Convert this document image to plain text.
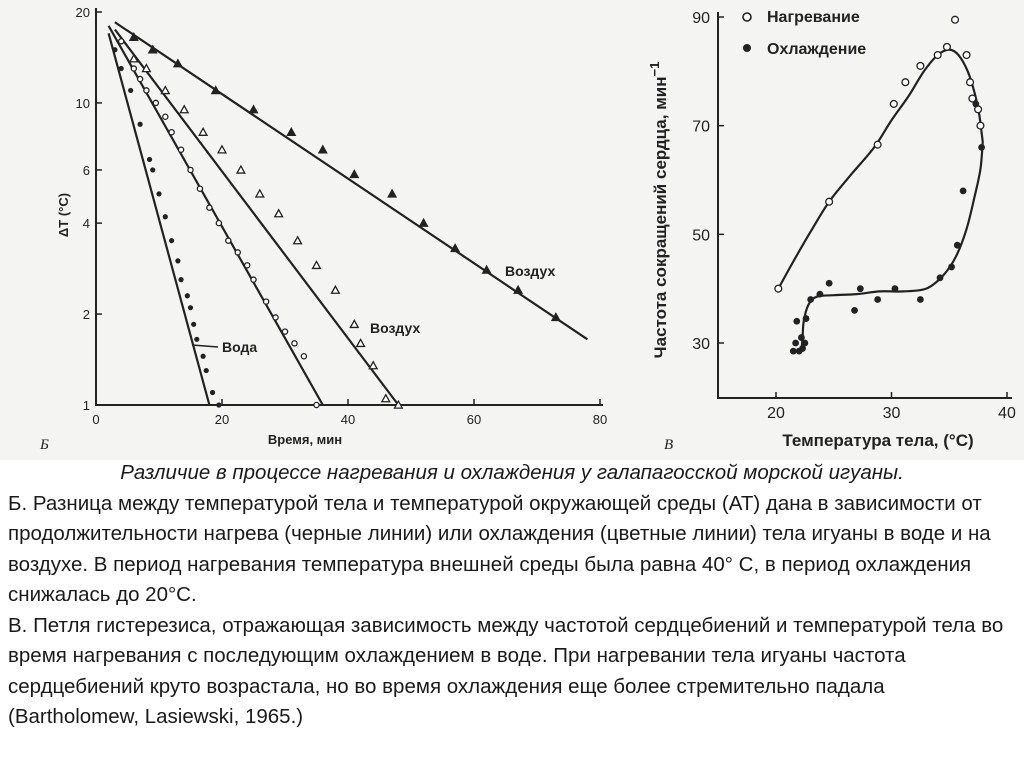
0	20	40	60	80
1
2
4
6
10
20
Время, мин
ΔT (°C)
Б
Вода
Воздух
Воздух
20	30	40
30
50
70
90	Нагревание
Охлаждение
Температура тела, (°С)
Частота сокращений сердца, мин$^{-1}$
В

Различие в процессе нагревания и охлаждения у галапагосской морской игуаны.

Б. Разница между температурой тела и температурой окружающей среды (AT) дана в зависимости от продолжительности нагрева (черные линии) или охлаждения (цветные линии) тела игуаны в воде и на воздухе. В период нагревания температура внешней среды была равна 40° С, в период охлаждения снижалась до 20°С.

В. Петля гистерезиса, отражающая зависимость между частотой сердцебиений и температурой тела во время нагревания с последующим охлаждением в воде. При нагревании тела игуаны частота сердцебиений круто возрастала, но во время охлаждения еще более стремительно падала (Bartholomew, Lasiewski, 1965.)
